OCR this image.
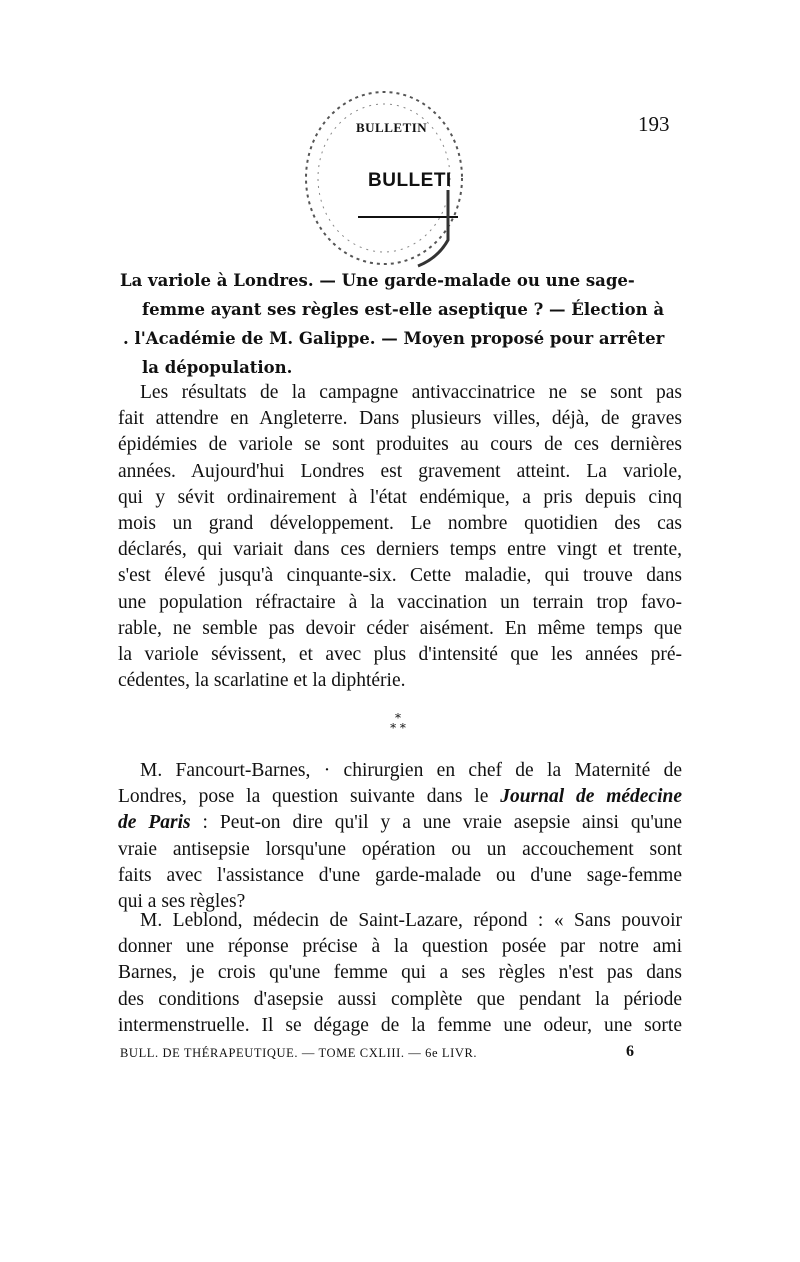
193
BULLETIN
BULLETI
La variole à Londres. — Une garde-malade ou une sage-
femme ayant ses règles est-elle aseptique ? — Élection à
. l'Académie de M. Galippe. — Moyen proposé pour arrêter
la dépopulation.
Les résultats de la campagne antivaccinatrice ne se sont pas
fait attendre en Angleterre. Dans plusieurs villes, déjà, de graves
épidémies de variole se sont produites au cours de ces dernières
années. Aujourd'hui Londres est gravement atteint. La variole,
qui y sévit ordinairement à l'état endémique, a pris depuis cinq
mois un grand développement. Le nombre quotidien des cas
déclarés, qui variait dans ces derniers temps entre vingt et trente,
s'est élevé jusqu'à cinquante-six. Cette maladie, qui trouve dans
une population réfractaire à la vaccination un terrain trop favo-
rable, ne semble pas devoir céder aisément. En même temps que
la variole sévissent, et avec plus d'intensité que les années pré-
cédentes, la scarlatine et la diphtérie.
*
* *
M. Fancourt-Barnes, · chirurgien en chef de la Maternité de
Londres, pose la question suivante dans le Journal de médecine
de Paris : Peut-on dire qu'il y a une vraie asepsie ainsi qu'une
vraie antisepsie lorsqu'une opération ou un accouchement sont
faits avec l'assistance d'une garde-malade ou d'une sage-femme
qui a ses règles?
M. Leblond, médecin de Saint-Lazare, répond : « Sans pouvoir
donner une réponse précise à la question posée par notre ami
Barnes, je crois qu'une femme qui a ses règles n'est pas dans
des conditions d'asepsie aussi complète que pendant la période
intermenstruelle. Il se dégage de la femme une odeur, une sorte
BULL. DE THÉRAPEUTIQUE. — TOME CXLIII. — 6e LIVR.	6
